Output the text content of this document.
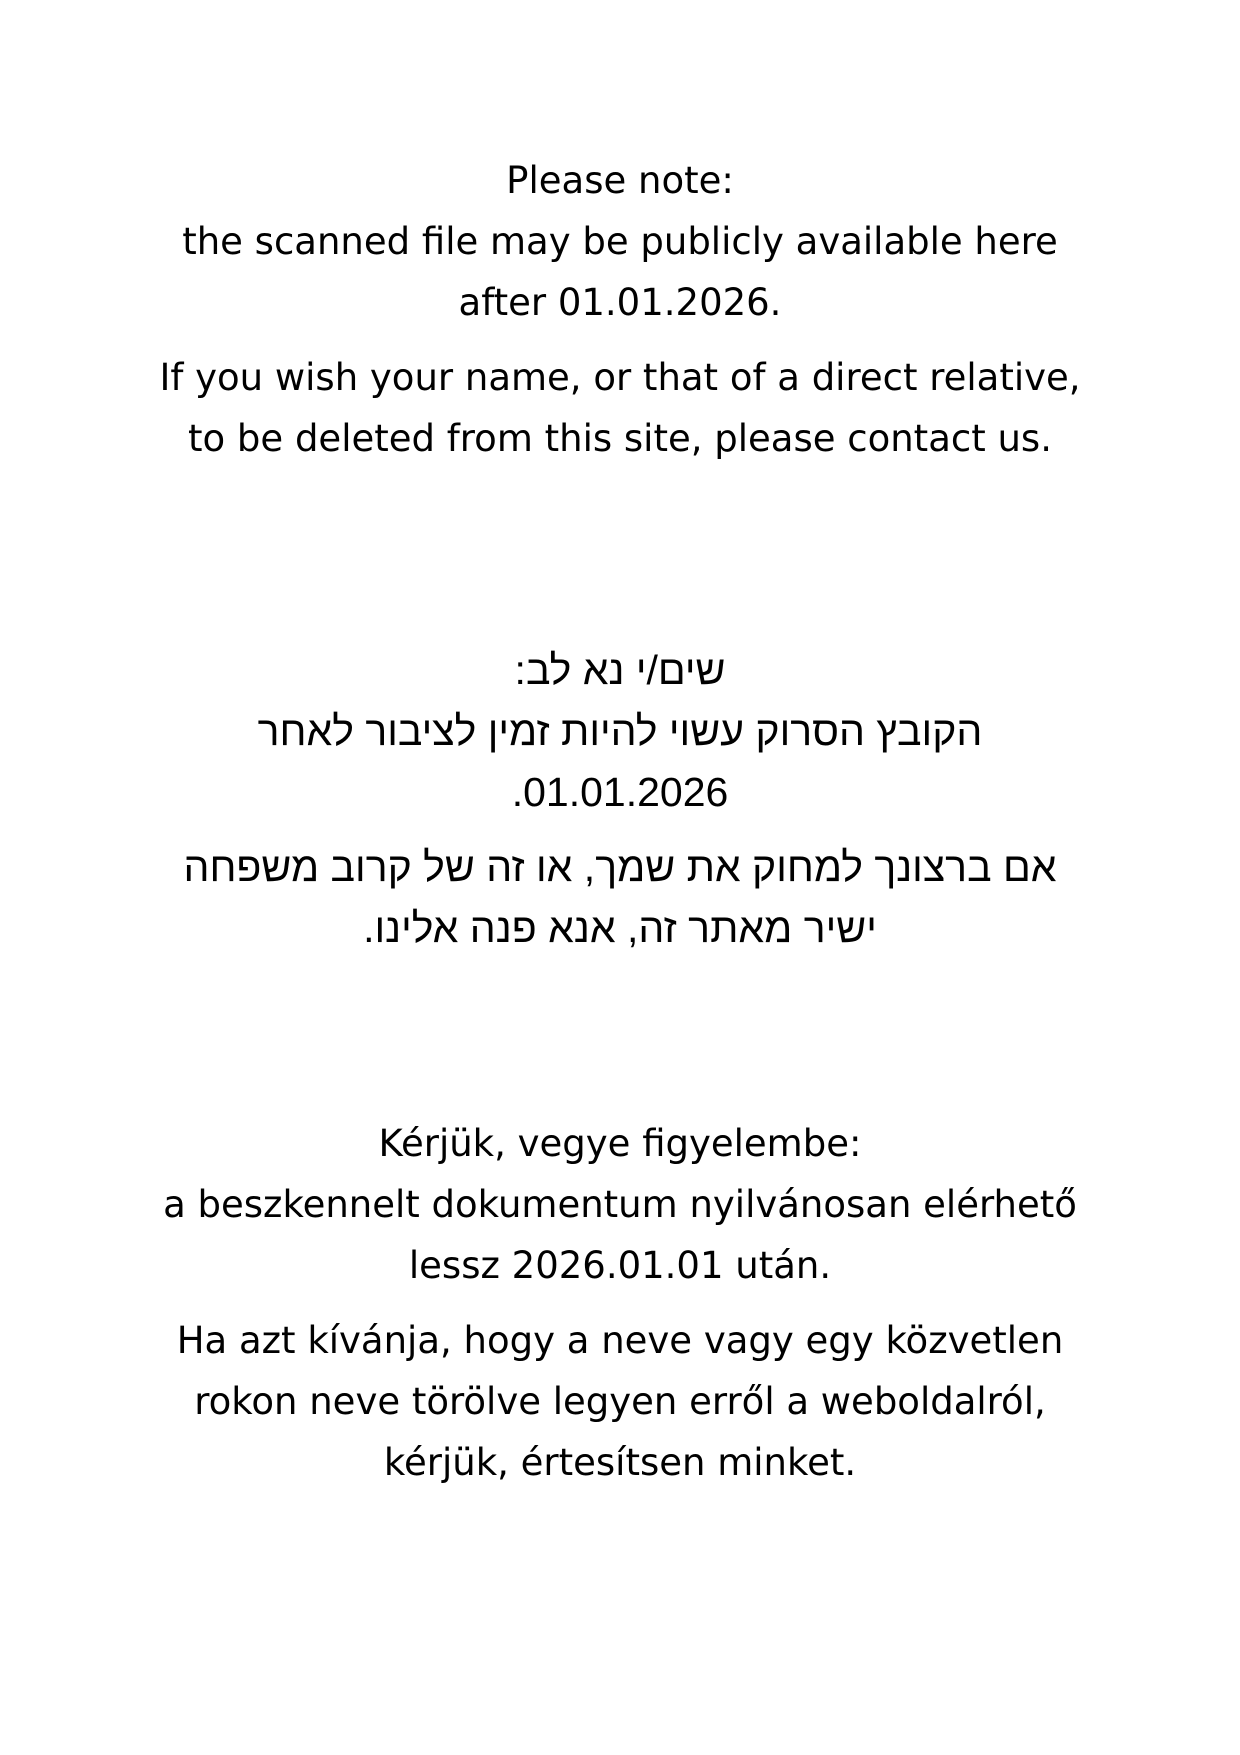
Please note:
the scanned file may be publicly available here
after 01.01.2026.
If you wish your name, or that of a direct relative,
to be deleted from this site, please contact us.
שים/י נא לב:
הקובץ הסרוק עשוי להיות זמין לציבור לאחר
01.01.2026.
אם ברצונך למחוק את שמך, או זה של קרוב משפחה
ישיר מאתר זה, אנא פנה אלינו.
Kérjük, vegye figyelembe:
a beszkennelt dokumentum nyilvánosan elérhető
lessz 2026.01.01 után.
Ha azt kívánja, hogy a neve vagy egy közvetlen
rokon neve törölve legyen erről a weboldalról,
kérjük, értesítsen minket.
